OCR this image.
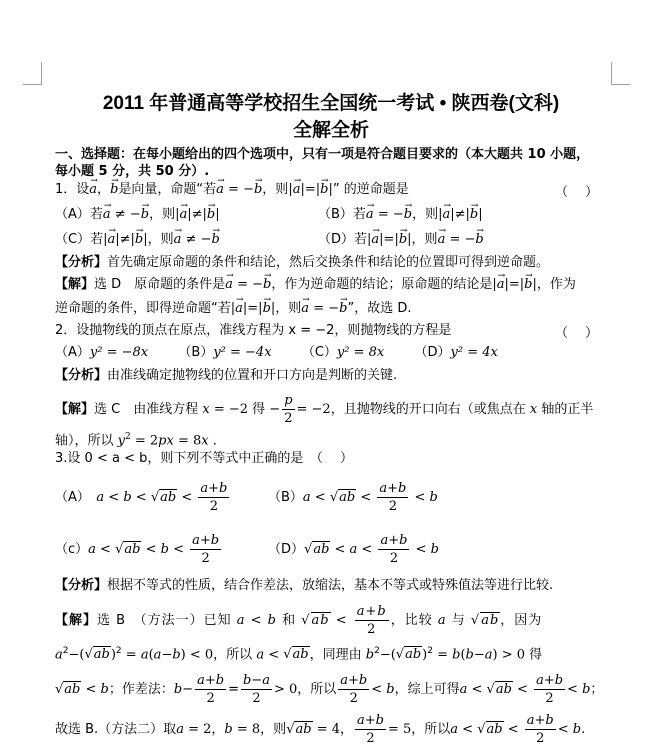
2011 年普通高等学校招生全国统一考试 • 陕西卷(文科)
全解全析
一、选择题：在每小题给出的四个选项中，只有一项是符合题目要求的（本大题共 10 小题，
每小题 5 分，共 50 分）.
1．设→ a，→ b是向量，命题“若→ a = −→ b，则|→ a|=|→ b|” 的逆命题是	（　 ）
（A）若→ a ≠ −→ b，则|→ a|≠|→ b|	（B）若→ a = −→ b，则|→ a|≠|→ b|
（C）若|→ a|≠|→ b|，则→ a ≠ −→ b	（D）若|→ a|=|→ b|，则→ a = −→ b
【分析】首先确定原命题的条件和结论，然后交换条件和结论的位置即可得到逆命题。
【解】选 D　原命题的条件是→ a = −→ b，作为逆命题的结论；原命题的结论是|→ a|=|→ b|，作为
逆命题的条件，即得逆命题“若|→ a|=|→ b|，则→ a = −→ b”，故选 D.
2．设抛物线的顶点在原点，准线方程为 x = −2，则抛物线的方程是	（　 ）
（A）y² = −8x （B）y² = −4x （C）y² = 8x （D）y² = 4x
【分析】由准线确定抛物线的位置和开口方向是判断的关键.
【解】选 C　由准线方程 x = −2 得 − $\frac{p}{2} = -2$，且抛物线的开口向右（或焦点在 x 轴的正半
轴），所以 $y^2 = 2px = 8x$ .
3.设 0 < a < b，则下列不等式中正确的是　（　 ）
（A）　 $a < b < √ab < \frac{a+b}{2}$	$(B)a < √ab < \frac{a+b}{2} < b$
$(c)a < √ab < b < \frac{a+b}{2}$	$(D)√ab < a < \frac{a+b}{2} < b$
【分析】根据不等式的性质，结合作差法，放缩法，基本不等式或特殊值法等进行比较.
【解】选 B　（方法一）已知 a < b 和 $√ab < \frac{a+b}{2}$ ，比较 a 与 √ab，因为
$a^2-(√ab)^2 = a(a-b) < 0$，所以 a < √ab，同理由 $b^2-(√ab)^2 = b(b-a) > 0$ 得
√ab < b；作差法：$b- \frac{a+b}{2} = \frac{b-a}{2} > 0$，所以 $\frac{a+b}{2} < b$，综上可得$a < √ab < \frac{a+b}{2} < b$；
故选 B.（方法二）取a = 2，b = 8，则√ab = 4， $\frac{a+b}{2} = 5$，所以$a < √ab < \frac{a+b}{2} < b$.
